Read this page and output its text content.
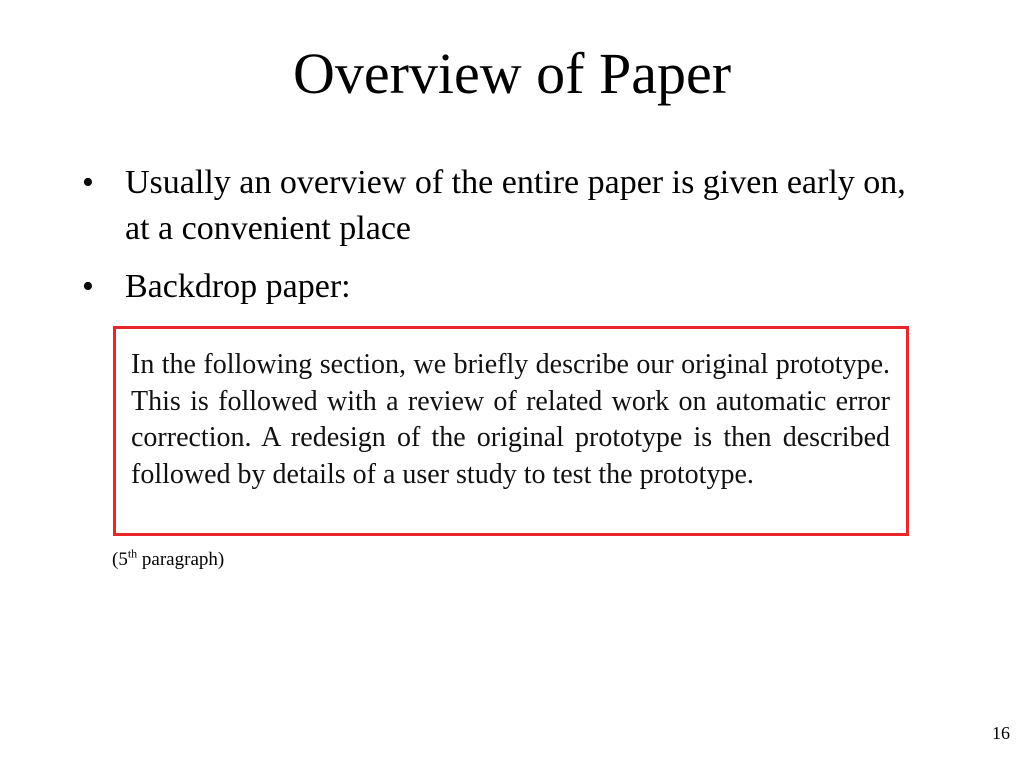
Overview of Paper
• Usually an overview of the entire paper is given early on, at a convenient place
• Backdrop paper:

In the following section, we briefly describe our original prototype. This is followed with a review of related work on automatic error correction. A redesign of the original prototype is then described followed by details of a user study to test the prototype.

(5th paragraph)
16
